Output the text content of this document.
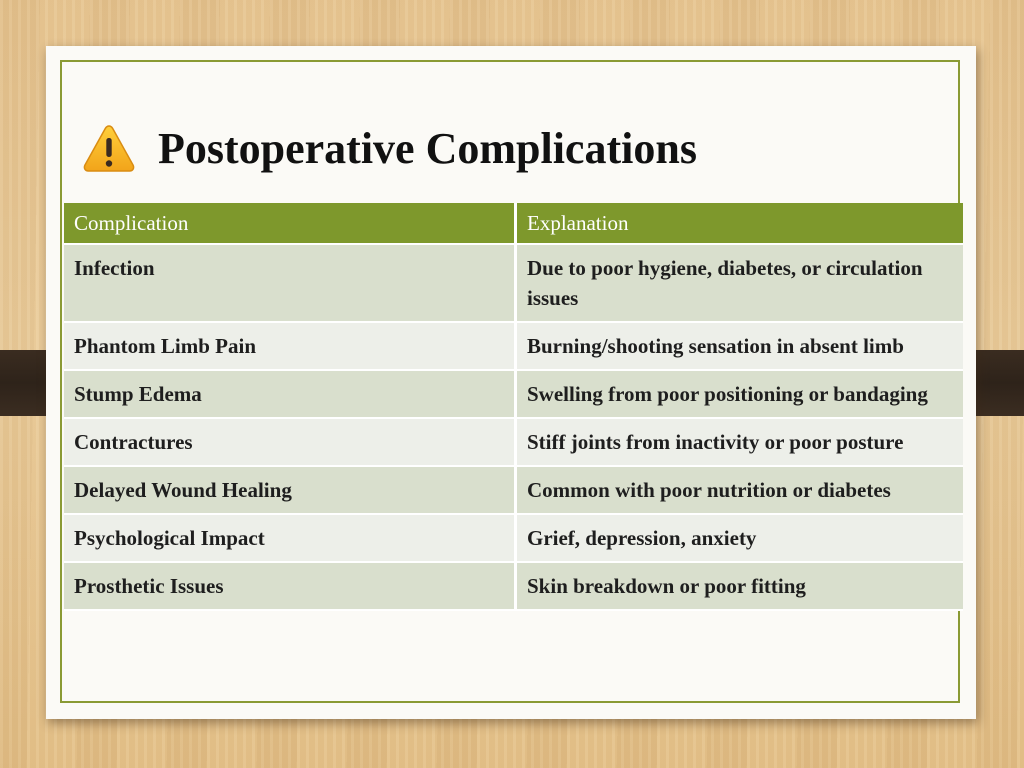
Postoperative Complications
Complication	Explanation
Infection	Due to poor hygiene, diabetes, or circulation issues
Phantom Limb Pain	Burning/shooting sensation in absent limb
Stump Edema	Swelling from poor positioning or bandaging
Contractures	Stiff joints from inactivity or poor posture
Delayed Wound Healing	Common with poor nutrition or diabetes
Psychological Impact	Grief, depression, anxiety
Prosthetic Issues	Skin breakdown or poor fitting
